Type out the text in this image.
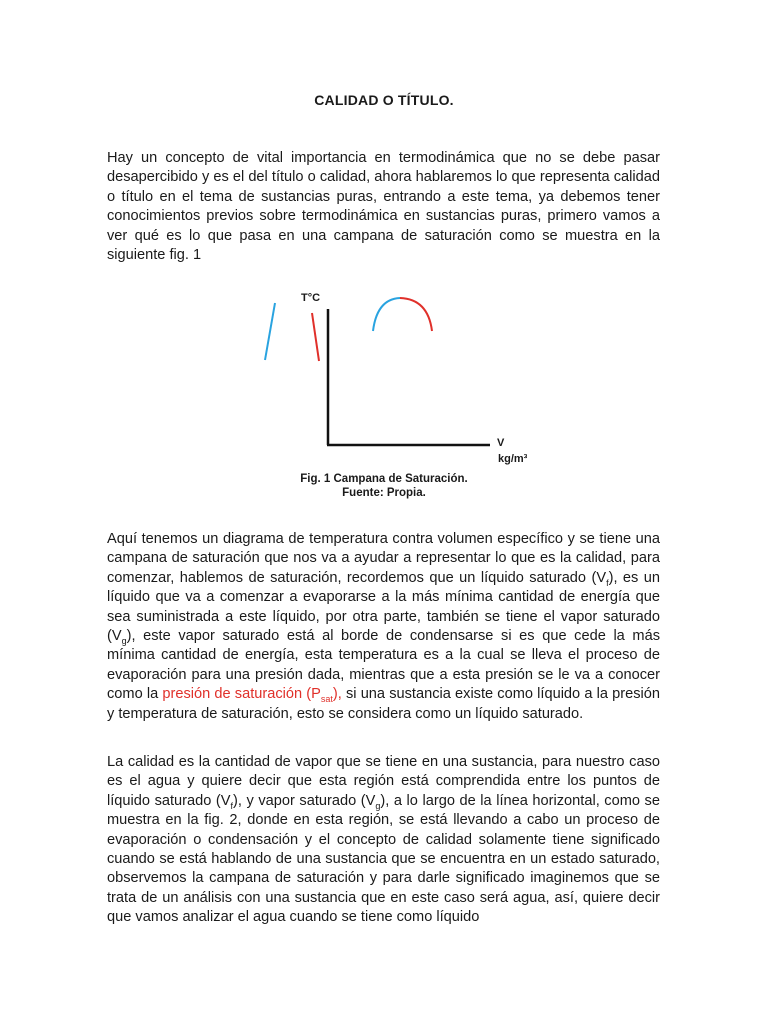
CALIDAD O TÍTULO.

Hay un concepto de vital importancia en termodinámica que no se debe pasar desapercibido y es el del título o calidad, ahora hablaremos lo que representa calidad o título en el tema de sustancias puras, entrando a este tema, ya debemos tener conocimientos previos sobre termodinámica en sustancias puras, primero vamos a ver qué es lo que pasa en una campana de saturación como se muestra en la siguiente fig. 1

T°C
V
kg/m³
Fig. 1 Campana de Saturación.
Fuente: Propia.

Aquí tenemos un diagrama de temperatura contra volumen específico y se tiene una campana de saturación que nos va a ayudar a representar lo que es la calidad, para comenzar, hablemos de saturación, recordemos que un líquido saturado $(V_f)$, es un líquido que va a comenzar a evaporarse a la más mínima cantidad de energía que sea suministrada a este líquido, por otra parte, también se tiene el vapor saturado $(V_g)$, este vapor saturado está al borde de condensarse si es que cede la más mínima cantidad de energía, esta temperatura es a la cual se lleva el proceso de evaporación para una presión dada, mientras que a esta presión se le va a conocer como la presión de saturación $(P_{sat})$, si una sustancia existe como líquido a la presión y temperatura de saturación, esto se considera como un líquido saturado.

La calidad es la cantidad de vapor que se tiene en una sustancia, para nuestro caso es el agua y quiere decir que esta región está comprendida entre los puntos de líquido saturado $(V_f)$, y vapor saturado $(V_g)$, a lo largo de la línea horizontal, como se muestra en la fig. 2, donde en esta región, se está llevando a cabo un proceso de evaporación o condensación y el concepto de calidad solamente tiene significado cuando se está hablando de una sustancia que se encuentra en un estado saturado, observemos la campana de saturación y para darle significado imaginemos que se trata de un análisis con una sustancia que en este caso será agua, así, quiere decir que vamos analizar el agua cuando se tiene como líquido
